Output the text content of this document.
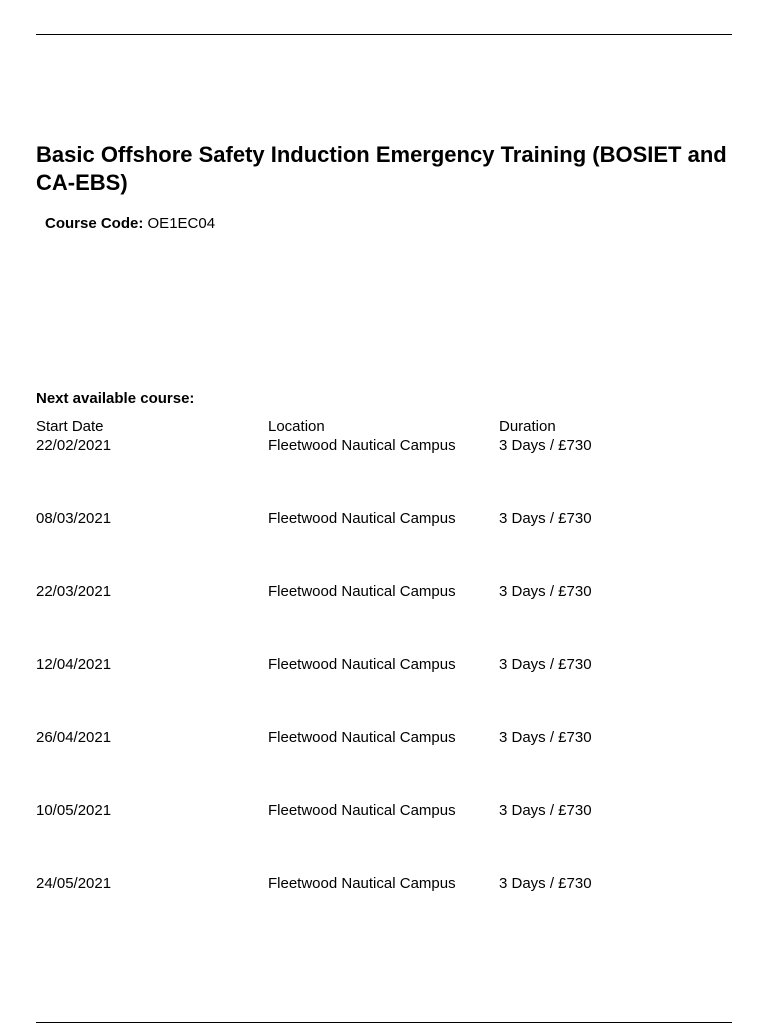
Basic Offshore Safety Induction Emergency Training (BOSIET and CA-EBS)
Course Code: OE1EC04
Next available course:
Start Date	Location	Duration
22/02/2021	Fleetwood Nautical Campus	3 Days / £730
08/03/2021	Fleetwood Nautical Campus	3 Days / £730
22/03/2021	Fleetwood Nautical Campus	3 Days / £730
12/04/2021	Fleetwood Nautical Campus	3 Days / £730
26/04/2021	Fleetwood Nautical Campus	3 Days / £730
10/05/2021	Fleetwood Nautical Campus	3 Days / £730
24/05/2021	Fleetwood Nautical Campus	3 Days / £730
